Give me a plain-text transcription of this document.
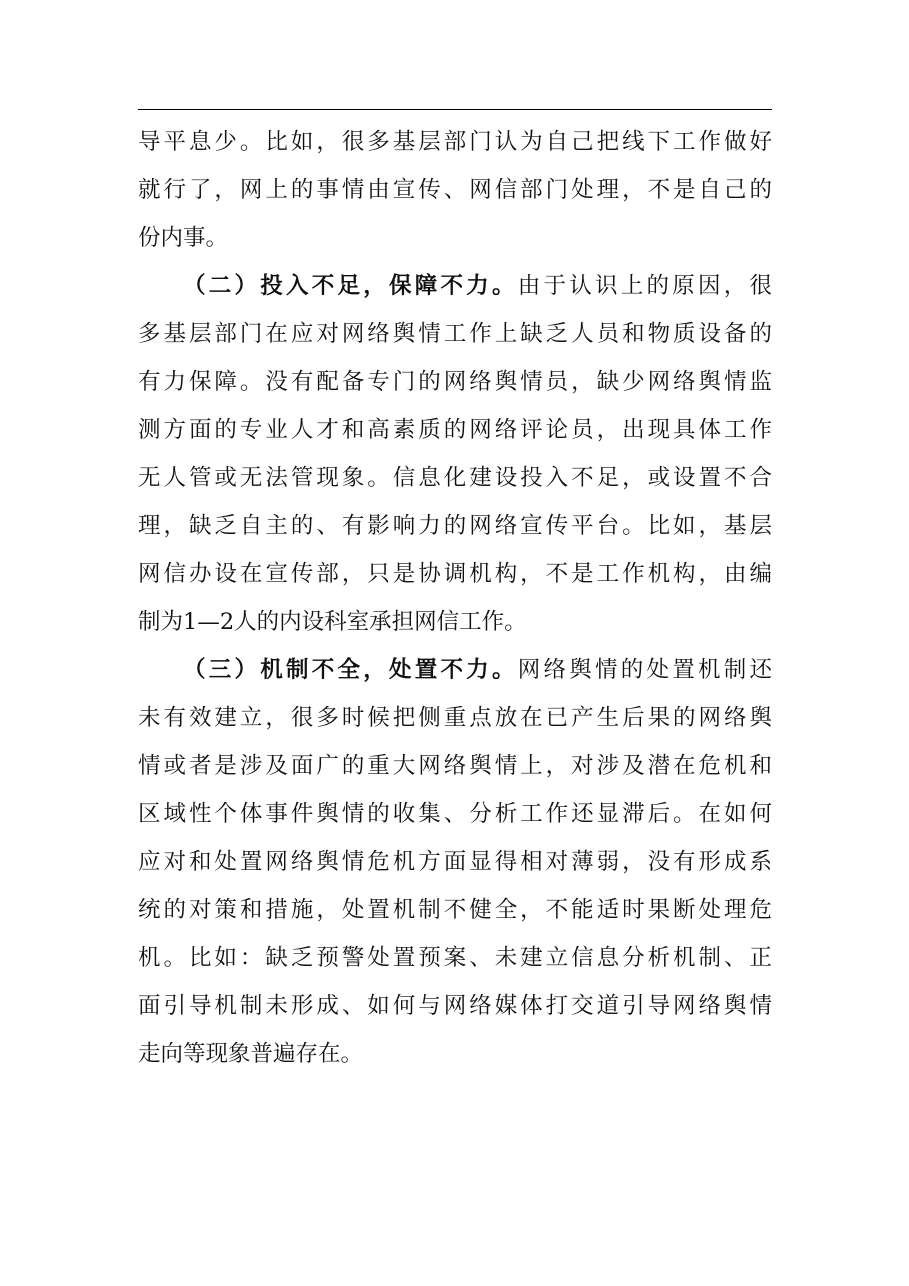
导平息少。比如，很多基层部门认为自己把线下工作做好
就行了，网上的事情由宣传、网信部门处理，不是自己的
份内事。
（二）投入不足，保障不力。由于认识上的原因，很
多基层部门在应对网络舆情工作上缺乏人员和物质设备的
有力保障。没有配备专门的网络舆情员，缺少网络舆情监
测方面的专业人才和高素质的网络评论员，出现具体工作
无人管或无法管现象。信息化建设投入不足，或设置不合
理，缺乏自主的、有影响力的网络宣传平台。比如，基层
网信办设在宣传部，只是协调机构，不是工作机构，由编
制为1—2人的内设科室承担网信工作。
（三）机制不全，处置不力。网络舆情的处置机制还
未有效建立，很多时候把侧重点放在已产生后果的网络舆
情或者是涉及面广的重大网络舆情上，对涉及潜在危机和
区域性个体事件舆情的收集、分析工作还显滞后。在如何
应对和处置网络舆情危机方面显得相对薄弱，没有形成系
统的对策和措施，处置机制不健全，不能适时果断处理危
机。比如：缺乏预警处置预案、未建立信息分析机制、正
面引导机制未形成、如何与网络媒体打交道引导网络舆情
走向等现象普遍存在。
